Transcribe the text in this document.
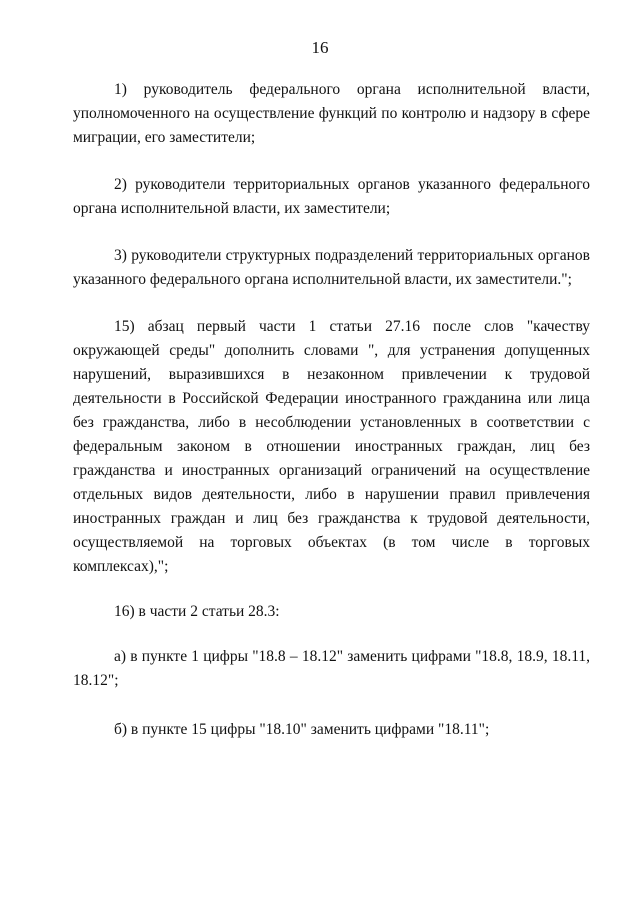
16

1) руководитель федерального органа исполнительной власти, уполномоченного на осуществление функций по контролю и надзору в сфере миграции, его заместители;

2) руководители территориальных органов указанного федерального органа исполнительной власти, их заместители;

3) руководители структурных подразделений территориальных органов указанного федерального органа исполнительной власти, их заместители.";

15) абзац первый части 1 статьи 27.16 после слов "качеству окружающей среды" дополнить словами ", для устранения допущенных нарушений, выразившихся в незаконном привлечении к трудовой деятельности в Российской Федерации иностранного гражданина или лица без гражданства, либо в несоблюдении установленных в соответствии с федеральным законом в отношении иностранных граждан, лиц без гражданства и иностранных организаций ограничений на осуществление отдельных видов деятельности, либо в нарушении правил привлечения иностранных граждан и лиц без гражданства к трудовой деятельности, осуществляемой на торговых объектах (в том числе в торговых комплексах),";

16) в части 2 статьи 28.3:

а) в пункте 1 цифры "18.8 – 18.12" заменить цифрами "18.8, 18.9, 18.11, 18.12";

б) в пункте 15 цифры "18.10" заменить цифрами "18.11";
